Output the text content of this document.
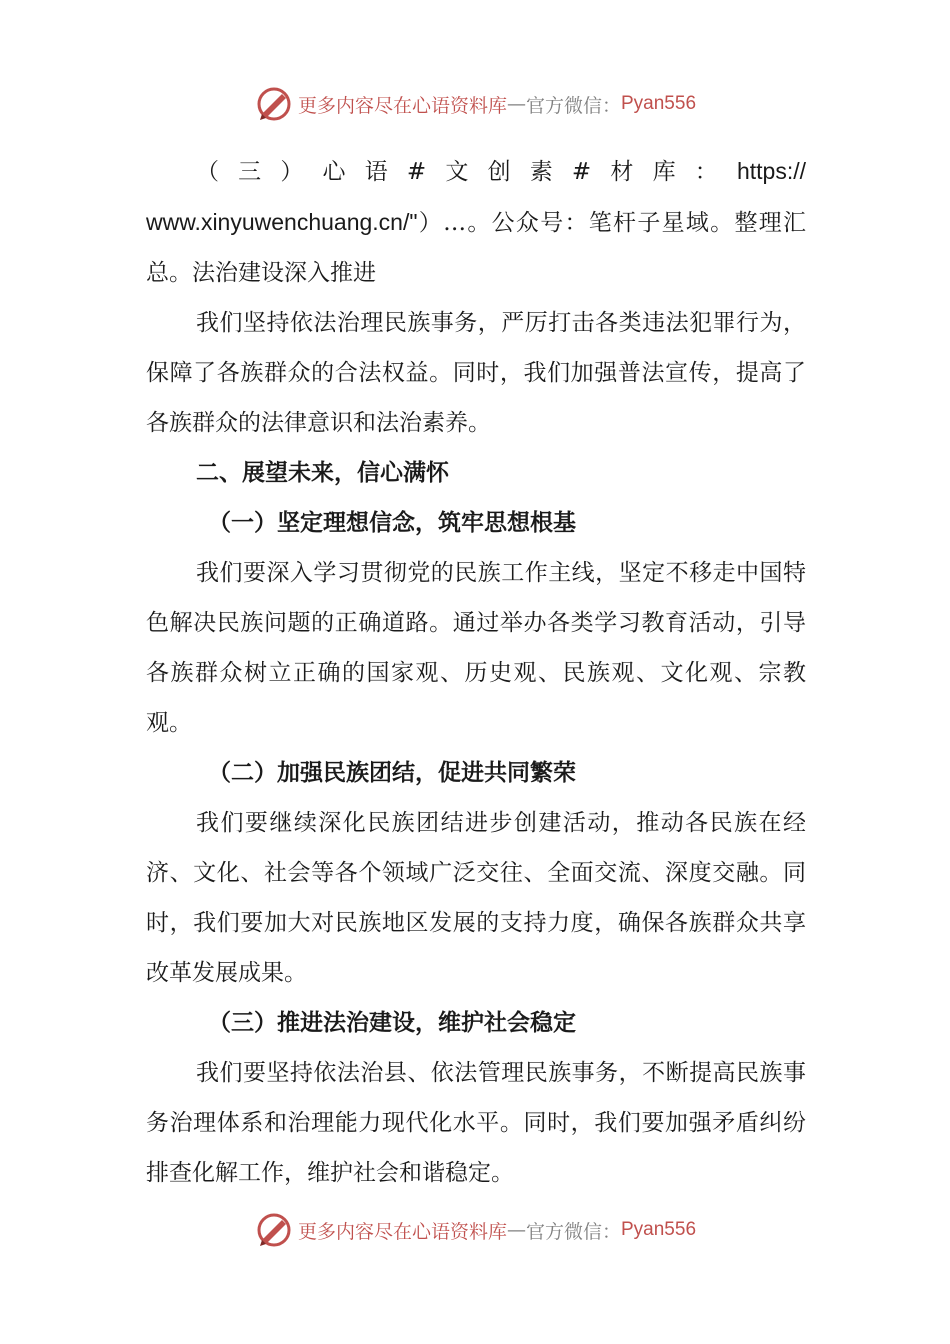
更多内容尽在心语资料库 — 官方微信： Pyan556

（三）心语#文创素#材库：https://

www.xinyuwenchuang.cn/"）…。公众号：笔杆子星域。整理汇总。法治建设深入推进

我们坚持依法治理民族事务，严厉打击各类违法犯罪行为，保障了各族群众的合法权益。同时，我们加强普法宣传，提高了各族群众的法律意识和法治素养。

二、展望未来，信心满怀

（一）坚定理想信念，筑牢思想根基

我们要深入学习贯彻党的民族工作主线，坚定不移走中国特色解决民族问题的正确道路。通过举办各类学习教育活动，引导各族群众树立正确的国家观、历史观、民族观、文化观、宗教观。

（二）加强民族团结，促进共同繁荣

我们要继续深化民族团结进步创建活动，推动各民族在经济、文化、社会等各个领域广泛交往、全面交流、深度交融。同时，我们要加大对民族地区发展的支持力度，确保各族群众共享改革发展成果。

（三）推进法治建设，维护社会稳定

我们要坚持依法治县、依法管理民族事务，不断提高民族事务治理体系和治理能力现代化水平。同时，我们要加强矛盾纠纷排查化解工作，维护社会和谐稳定。

更多内容尽在心语资料库 — 官方微信： Pyan556
